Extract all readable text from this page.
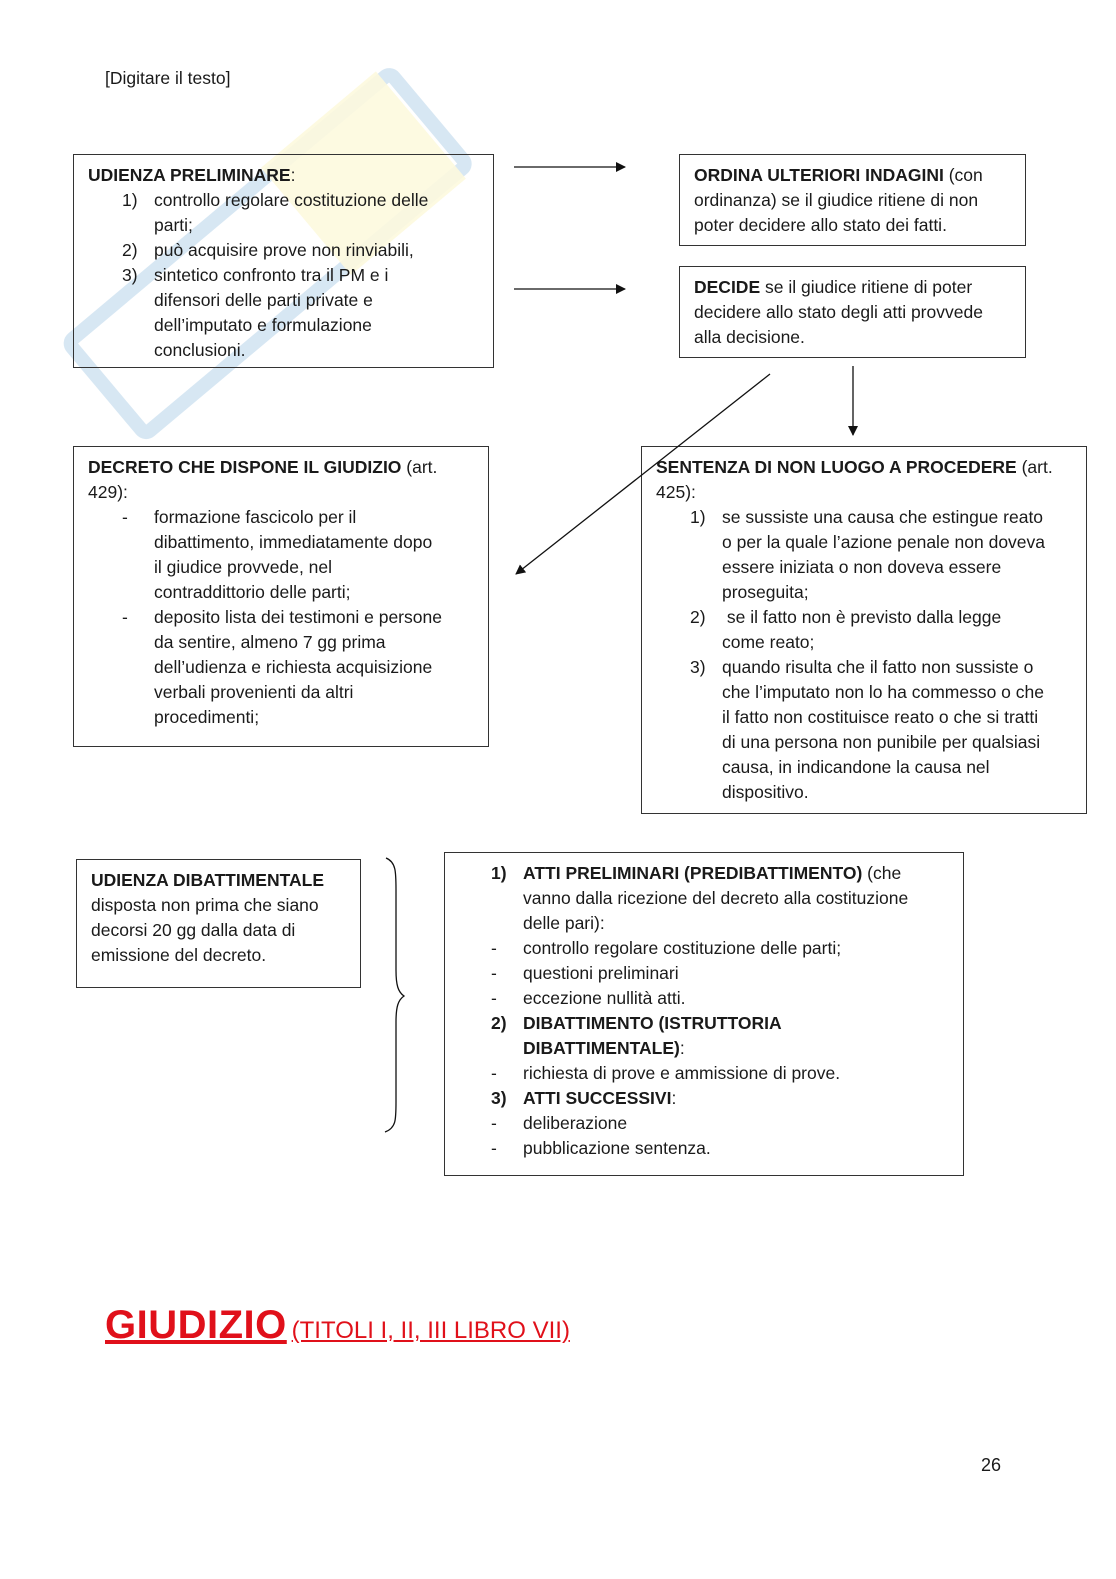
[Digitare il testo]
UDIENZA PRELIMINARE:
1) controllo regolare costituzione delle
parti;
2) può acquisire prove non rinviabili,
3) sintetico confronto tra il PM e i
difensori delle parti private e
dell’imputato e formulazione
conclusioni.
ORDINA ULTERIORI INDAGINI (con
ordinanza) se il giudice ritiene di non
poter decidere allo stato dei fatti.
DECIDE se il giudice ritiene di poter
decidere allo stato degli atti provvede
alla decisione.
DECRETO CHE DISPONE IL GIUDIZIO (art.
429):
-	formazione fascicolo per il
dibattimento, immediatamente dopo
il giudice provvede, nel
contraddittorio delle parti;
-	deposito lista dei testimoni e persone
da sentire, almeno 7 gg prima
dell’udienza e richiesta acquisizione
verbali provenienti da altri
procedimenti;
SENTENZA DI NON LUOGO A PROCEDERE (art.
425):
1) se sussiste una causa che estingue reato
o per la quale l’azione penale non doveva
essere iniziata o non doveva essere
proseguita;
2) se il fatto non è previsto dalla legge
come reato;
3) quando risulta che il fatto non sussiste o
che l’imputato non lo ha commesso o che
il fatto non costituisce reato o che si tratti
di una persona non punibile per qualsiasi
causa, in indicandone la causa nel
dispositivo.
UDIENZA DIBATTIMENTALE
disposta non prima che siano
decorsi 20 gg dalla data di
emissione del decreto.
1) ATTI PRELIMINARI (PREDIBATTIMENTO) (che
vanno dalla ricezione del decreto alla costituzione
delle pari):
-	controllo regolare costituzione delle parti;
-	questioni preliminari
-	eccezione nullità atti.
2) DIBATTIMENTO (ISTRUTTORIA
DIBATTIMENTALE):
-	richiesta di prove e ammissione di prove.
3) ATTI SUCCESSIVI:
-	deliberazione
-	pubblicazione sentenza.
GIUDIZIO (TITOLI I, II, III LIBRO VII)
26
